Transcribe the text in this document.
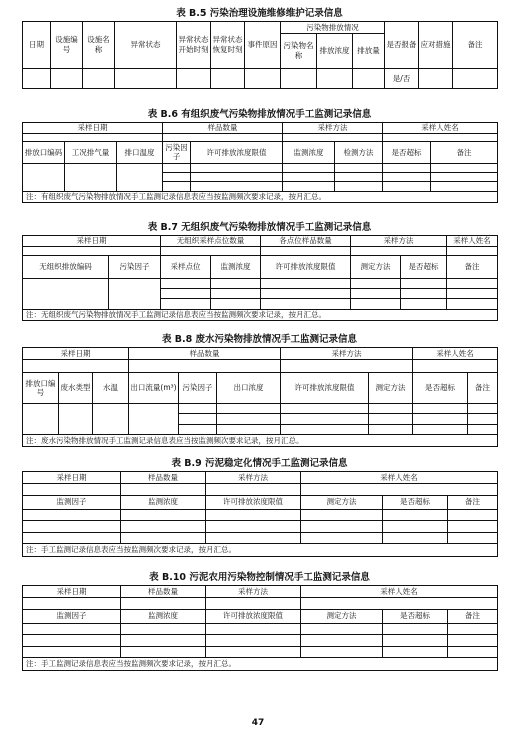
表 B.5 污染治理设施维修维护记录信息
日期	设施编号	设施名称	异常状态	异常状态开始时刻	异常状态恢复时刻	事件原因	污染物排放情况			是否报备	应对措施	备注
							污染物名称	排放浓度	排放量			
										是/否		
表 B.6 有组织废气污染物排放情况手工监测记录信息
采样日期			样品数量		采样方法		采样人姓名	

排放口编码	工况排气量	排口温度	污染因子	许可排放浓度限值	监测浓度	检测方法	是否超标	备注

注：有组织废气污染物排放情况手工监测记录信息表应当按监测频次要求记录，按月汇总。								
表 B.7 无组织废气污染物排放情况手工监测记录信息
采样日期		无组织采样点位数量		各点位样品数量	采样方法		采样人姓名

无组织排放编码	污染因子	采样点位	监测浓度	许可排放浓度限值	测定方法	是否超标	备注

注：无组织废气污染物排放情况手工监测记录信息表应当按监测频次要求记录，按月汇总。							
表 B.8 废水污染物排放情况手工监测记录信息
采样日期			样品数量			采样方法		采样人姓名	

排放口编号	废水类型	水温	出口流量(m³)	污染因子	出口浓度	许可排放浓度限值	测定方法	是否超标	备注

注：废水污染物排放情况手工监测记录信息表应当按监测频次要求记录，按月汇总。									
表 B.9 污泥稳定化情况手工监测记录信息
采样日期	样品数量	采样方法	采样人姓名		

监测因子	监测浓度	许可排放浓度限值	测定方法	是否超标	备注

注：手工监测记录信息表应当按监测频次要求记录，按月汇总。					
表 B.10 污泥农用污染物控制情况手工监测记录信息
采样日期	样品数量	采样方法	采样人姓名		

监测因子	监测浓度	许可排放浓度限值	测定方法	是否超标	备注

注：手工监测记录信息表应当按监测频次要求记录，按月汇总。					
47
